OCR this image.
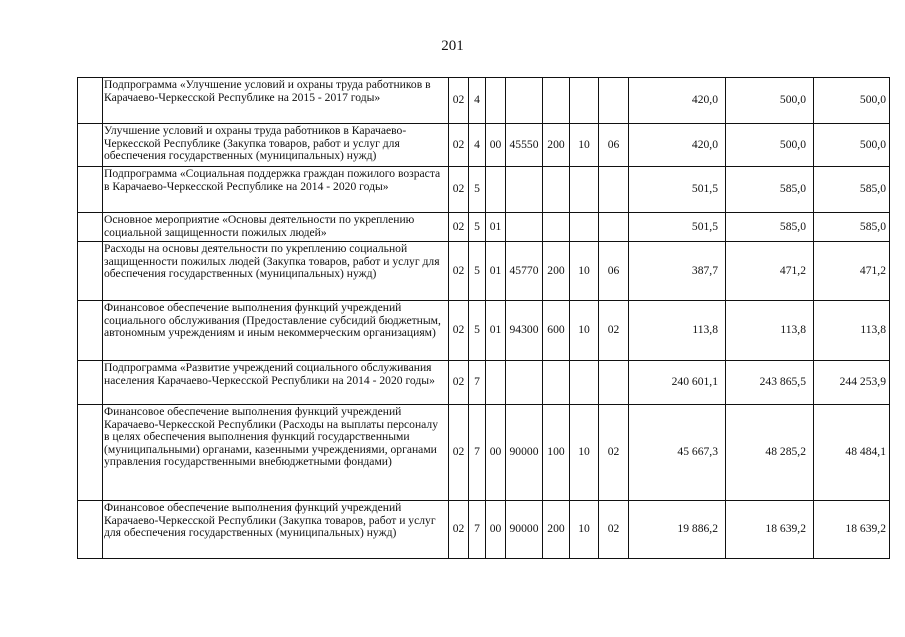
201
	Подпрограмма «Улучшение условий и охраны труда работников в Карачаево-Черкесской Республике на 2015 - 2017 годы»	02	4						420,0	500,0	500,0
	Улучшение условий и охраны труда работников в Карачаево-Черкесской Республике (Закупка товаров, работ и услуг для обеспечения государственных (муниципальных) нужд)	02	4	00	45550	200	10	06	420,0	500,0	500,0
	Подпрограмма «Социальная поддержка граждан пожилого возраста в Карачаево-Черкесской Республике на 2014 - 2020 годы»	02	5						501,5	585,0	585,0
	Основное мероприятие «Основы деятельности по укреплению социальной защищенности пожилых людей»	02	5	01					501,5	585,0	585,0
	Расходы на основы деятельности по укреплению социальной защищенности пожилых людей (Закупка товаров, работ и услуг для обеспечения государственных (муниципальных) нужд)	02	5	01	45770	200	10	06	387,7	471,2	471,2
	Финансовое обеспечение выполнения функций учреждений социального обслуживания (Предоставление субсидий бюджетным, автономным учреждениям и иным некоммерческим организациям)	02	5	01	94300	600	10	02	113,8	113,8	113,8
	Подпрограмма «Развитие учреждений социального обслуживания населения Карачаево-Черкесской Республики на 2014 - 2020 годы»	02	7						240 601,1	243 865,5	244 253,9
	Финансовое обеспечение выполнения функций учреждений Карачаево-Черкесской Республики (Расходы на выплаты персоналу в целях обеспечения выполнения функций государственными (муниципальными) органами, казенными учреждениями, органами управления государственными внебюджетными фондами)	02	7	00	90000	100	10	02	45 667,3	48 285,2	48 484,1
	Финансовое обеспечение выполнения функций учреждений Карачаево-Черкесской Республики (Закупка товаров, работ и услуг для обеспечения государственных (муниципальных) нужд)	02	7	00	90000	200	10	02	19 886,2	18 639,2	18 639,2
